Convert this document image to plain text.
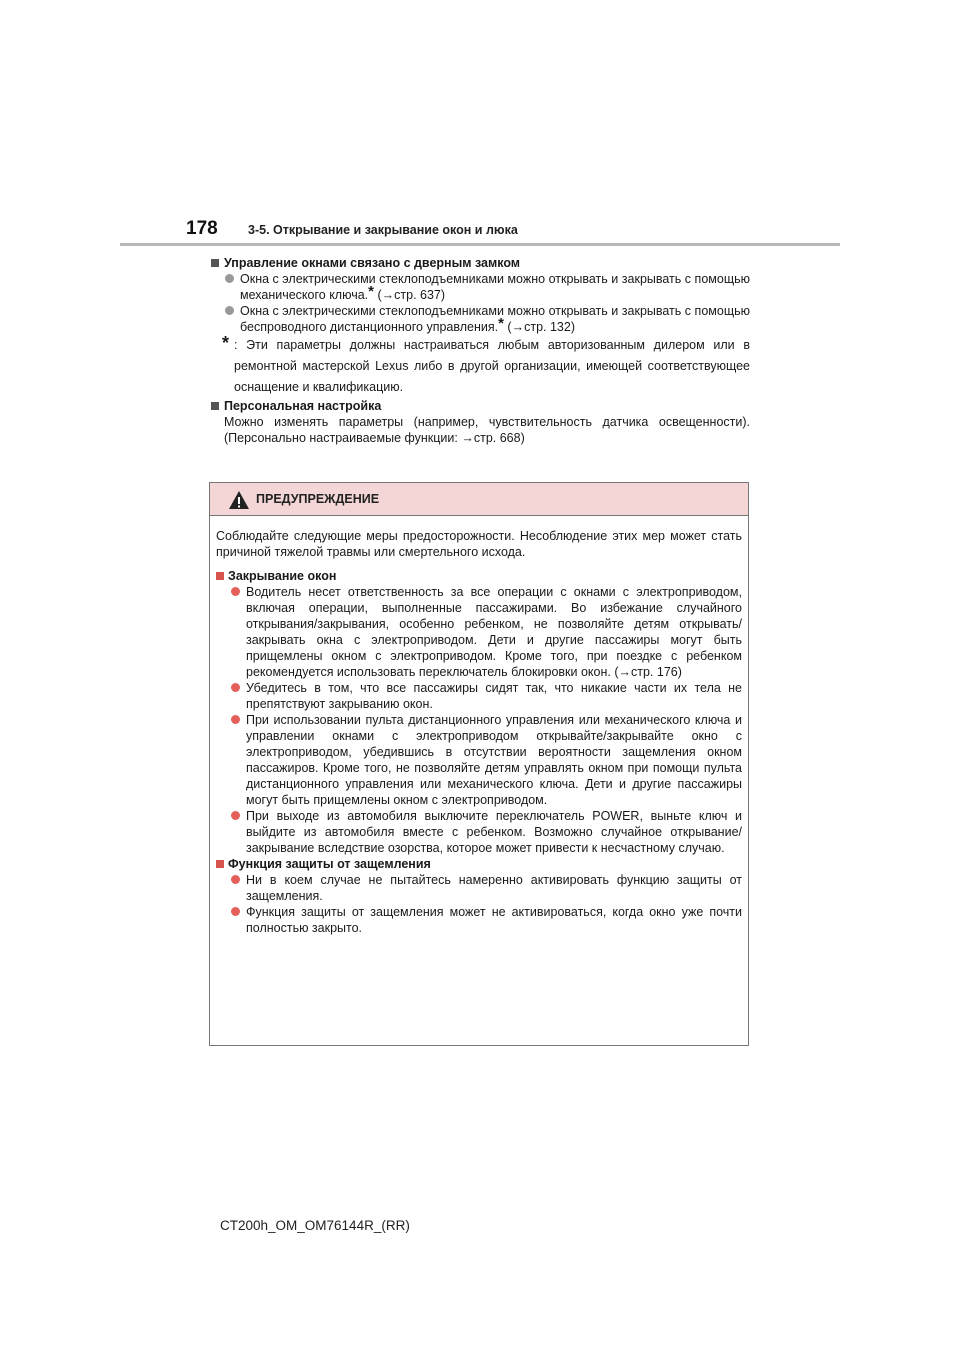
178 3-5. Открывание и закрывание окон и люка

Управление окнами связано с дверным замком

Окна с электрическими стеклоподъемниками можно открывать и закрывать с помощью механического ключа.* (→стр. 637)

Окна с электрическими стеклоподъемниками можно открывать и закрывать с помощью беспроводного дистанционного управления.* (→стр. 132)

* : Эти параметры должны настраиваться любым авторизованным дилером или в ремонтной мастерской Lexus либо в другой организации, имеющей соответствующее оснащение и квалификацию.

Персональная настройка

Можно изменять параметры (например, чувствительность датчика освещенности). (Персонально настраиваемые функции: →стр. 668)

ПРЕДУПРЕЖДЕНИЕ

Соблюдайте следующие меры предосторожности. Несоблюдение этих мер может стать причиной тяжелой травмы или смертельного исхода.

Закрывание окон

Водитель несет ответственность за все операции с окнами с электроприводом, включая операции, выполненные пассажирами. Во избежание случайного открывания/закрывания, особенно ребенком, не позволяйте детям открывать/закрывать окна с электроприводом. Дети и другие пассажиры могут быть прищемлены окном с электроприводом. Кроме того, при поездке с ребенком рекомендуется использовать переключатель блокировки окон. (→стр. 176)

Убедитесь в том, что все пассажиры сидят так, что никакие части их тела не препятствуют закрыванию окон.

При использовании пульта дистанционного управления или механического ключа и управлении окнами с электроприводом открывайте/закрывайте окно с электроприводом, убедившись в отсутствии вероятности защемления окном пассажиров. Кроме того, не позволяйте детям управлять окном при помощи пульта дистанционного управления или механического ключа. Дети и другие пассажиры могут быть прищемлены окном с электроприводом.

При выходе из автомобиля выключите переключатель POWER, выньте ключ и выйдите из автомобиля вместе с ребенком. Возможно случайное открывание/закрывание вследствие озорства, которое может привести к несчастному случаю.

Функция защиты от защемления

Ни в коем случае не пытайтесь намеренно активировать функцию защиты от защемления.

Функция защиты от защемления может не активироваться, когда окно уже почти полностью закрыто.

CT200h_OM_OM76144R_(RR)
